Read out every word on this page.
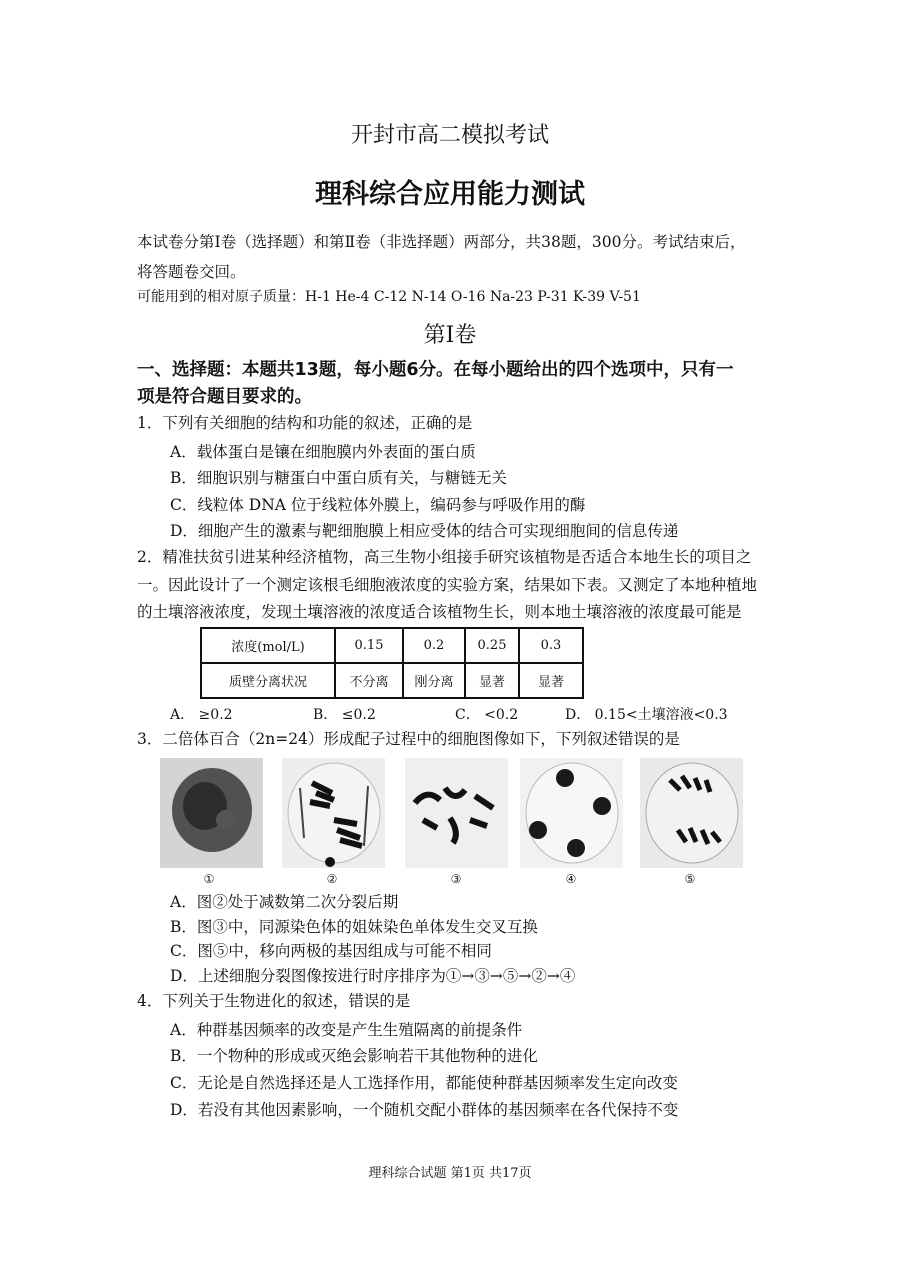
开封市高二模拟考试
理科综合应用能力测试
本试卷分第Ⅰ卷（选择题）和第Ⅱ卷（非选择题）两部分，共38题，300分。考试结束后，
将答题卷交回。
可能用到的相对原子质量：H-1 He-4 C-12 N-14 O-16 Na-23 P-31 K-39 V-51
第Ⅰ卷
一、选择题：本题共13题，每小题6分。在每小题给出的四个选项中，只有一
项是符合题目要求的。
1．下列有关细胞的结构和功能的叙述，正确的是
A．载体蛋白是镶在细胞膜内外表面的蛋白质
B．细胞识别与糖蛋白中蛋白质有关，与糖链无关
C．线粒体 DNA 位于线粒体外膜上，编码参与呼吸作用的酶
D．细胞产生的激素与靶细胞膜上相应受体的结合可实现细胞间的信息传递
2．精准扶贫引进某种经济植物，高三生物小组接手研究该植物是否适合本地生长的项目之
一。因此设计了一个测定该根毛细胞液浓度的实验方案，结果如下表。又测定了本地种植地
的土壤溶液浓度，发现土壤溶液的浓度适合该植物生长，则本地土壤溶液的浓度最可能是
浓度(mol/L)	0.15	0.2	0.25	0.3
质壁分离状况	不分离	刚分离	显著	显著
A． ≥0.2	B． ≤0.2	C． <0.2	D． 0.15<土壤溶液<0.3
3．二倍体百合（2n=24）形成配子过程中的细胞图像如下，下列叙述错误的是
①	②	③	④	⑤
A．图②处于减数第二次分裂后期
B．图③中，同源染色体的姐妹染色单体发生交叉互换
C．图⑤中，移向两极的基因组成与可能不相同
D．上述细胞分裂图像按进行时序排序为①→③→⑤→②→④
4．下列关于生物进化的叙述，错误的是
A．种群基因频率的改变是产生生殖隔离的前提条件
B．一个物种的形成或灭绝会影响若干其他物种的进化
C．无论是自然选择还是人工选择作用，都能使种群基因频率发生定向改变
D．若没有其他因素影响，一个随机交配小群体的基因频率在各代保持不变
理科综合试题 第1页 共17页
